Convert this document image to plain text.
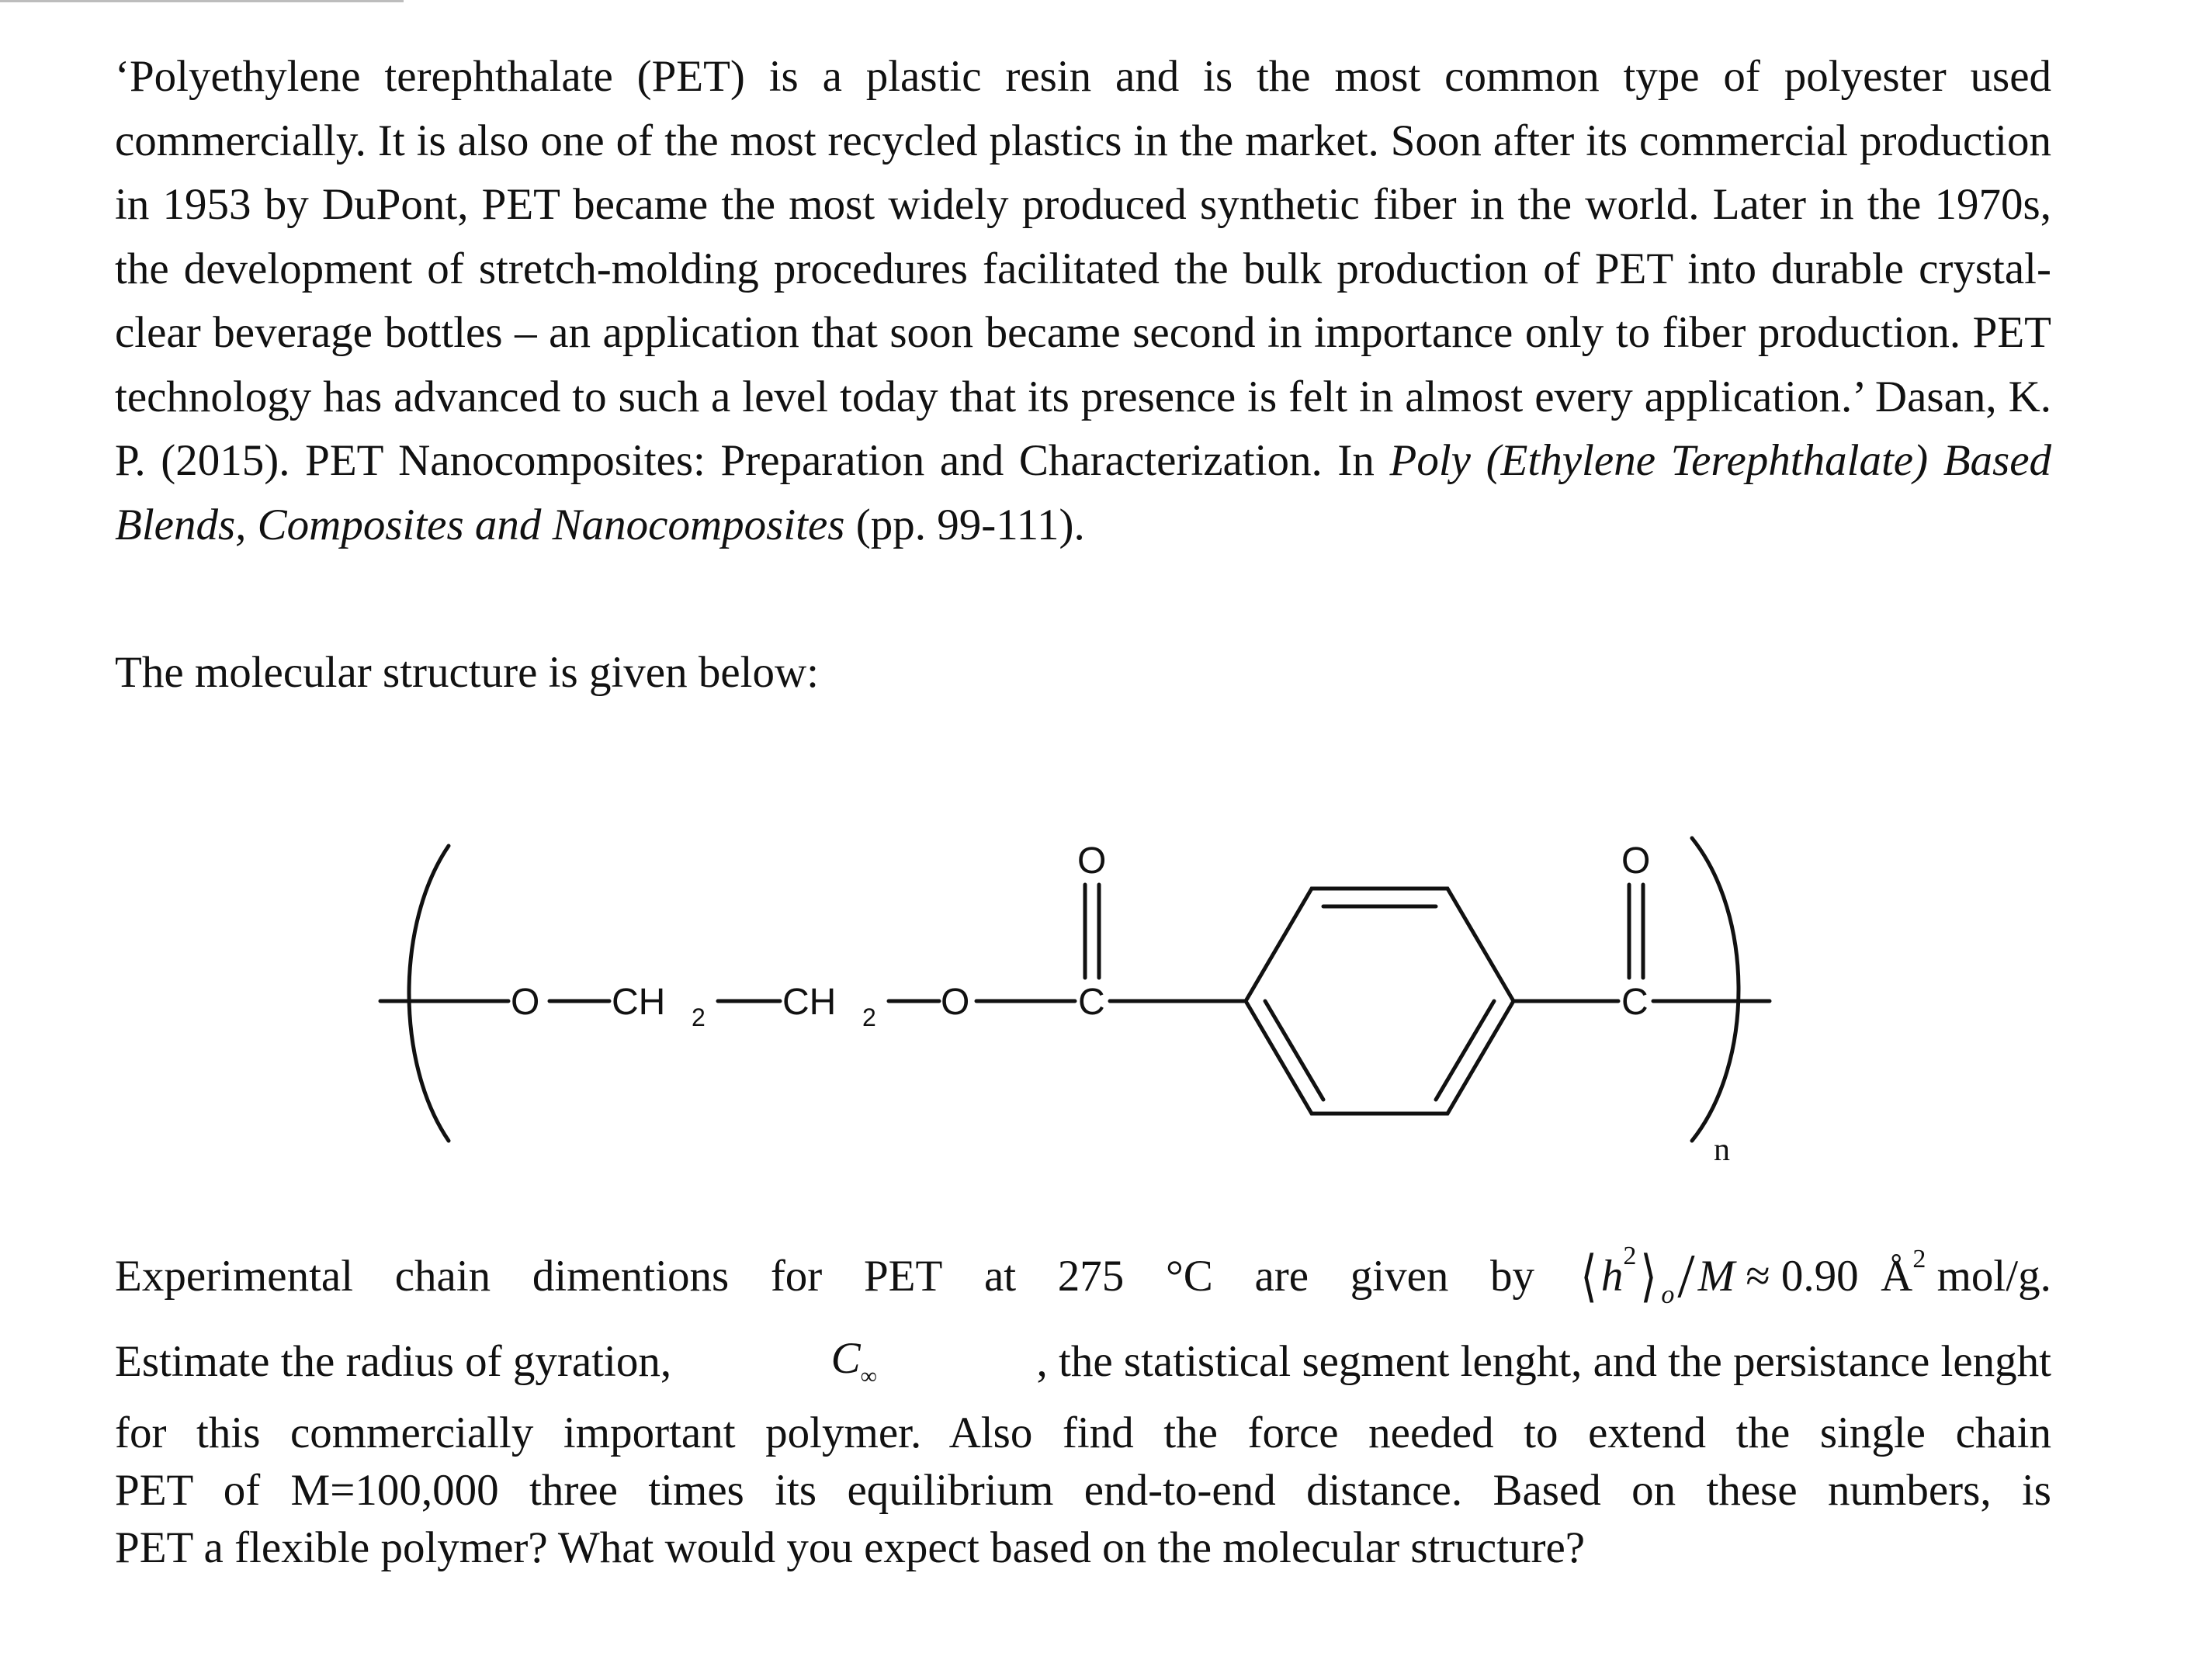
‘Polyethylene terephthalate (PET) is a plastic resin and is the most common type of polyester used commercially. It is also one of the most recycled plastics in the market. Soon after its commercial production in 1953 by DuPont, PET became the most widely produced synthetic fiber in the world. Later in the 1970s, the development of stretch-molding procedures facilitated the bulk production of PET into durable crystal-clear beverage bottles – an application that soon became second in importance only to fiber production. PET technology has advanced to such a level today that its presence is felt in almost every application.’ Dasan, K. P. (2015). PET Nanocomposites: Preparation and Characterization. In Poly (Ethylene Terephthalate) Based Blends, Composites and Nanocomposites (pp. 99-111).

The molecular structure is given below:

O CH 2 CH 2 O	C
O
C
O
n
Experimental chain dimentions for PET at 275 °C are given by ⟨ h 2 ⟩ o / M
≈
0.90
Å 2
mol/g.
Estimate the radius of gyration,	$C_\infty$	, the statistical segment lenght, and the persistance lenght
for this commercially important polymer. Also find the force needed to extend the single chain
PET of M=100,000 three times its equilibrium end-to-end distance. Based on these numbers, is
PET a flexible polymer? What would you expect based on the molecular structure?
